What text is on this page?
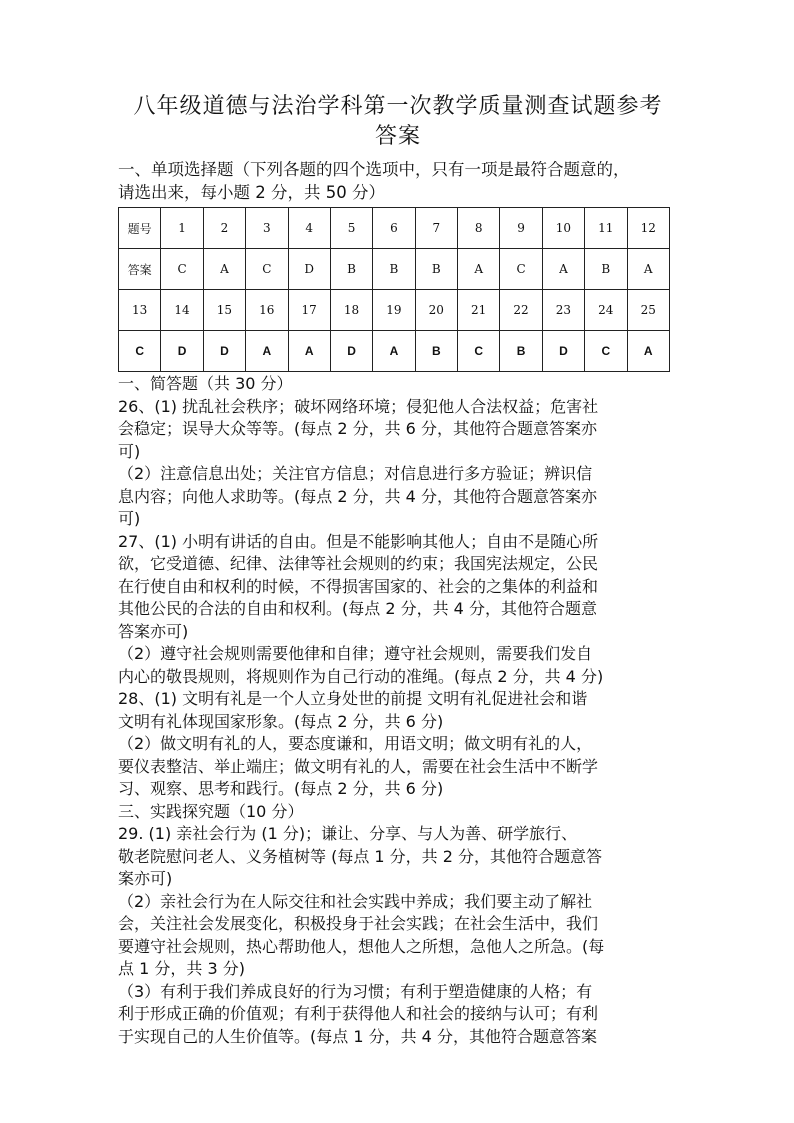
八年级道德与法治学科第一次教学质量测查试题参考

答案

一、单项选择题（下列各题的四个选项中，只有一项是最符合题意的，

请选出来，每小题 2 分，共 50 分）

题号	1	2	3	4	5	6	7	8	9	10	11	12
答案	C	A	C	D	B	B	B	A	C	A	B	A
13	14	15	16	17	18	19	20	21	22	23	24	25
C	D	D	A	A	D	A	B	C	B	D	C	A

一、简答题（共 30 分）

26、(1) 扰乱社会秩序；破坏网络环境；侵犯他人合法权益；危害社

会稳定；误导大众等等。(每点 2 分，共 6 分，其他符合题意答案亦

可)

（2）注意信息出处；关注官方信息；对信息进行多方验证；辨识信

息内容；向他人求助等。(每点 2 分，共 4 分，其他符合题意答案亦

可)

27、(1) 小明有讲话的自由。但是不能影响其他人；自由不是随心所

欲，它受道德、纪律、法律等社会规则的约束；我国宪法规定，公民

在行使自由和权利的时候，不得损害国家的、社会的之集体的利益和

其他公民的合法的自由和权利。(每点 2 分，共 4 分，其他符合题意

答案亦可)

（2）遵守社会规则需要他律和自律；遵守社会规则，需要我们发自

内心的敬畏规则，将规则作为自己行动的准绳。(每点 2 分，共 4 分)

28、(1) 文明有礼是一个人立身处世的前提 文明有礼促进社会和谐

文明有礼体现国家形象。(每点 2 分，共 6 分)

（2）做文明有礼的人，要态度谦和，用语文明；做文明有礼的人，

要仪表整洁、举止端庄；做文明有礼的人，需要在社会生活中不断学

习、观察、思考和践行。(每点 2 分，共 6 分)

三、实践探究题（10 分）

29. (1) 亲社会行为 (1 分)；谦让、分享、与人为善、研学旅行、

敬老院慰问老人、义务植树等 (每点 1 分，共 2 分，其他符合题意答

案亦可)

（2）亲社会行为在人际交往和社会实践中养成；我们要主动了解社

会，关注社会发展变化，积极投身于社会实践；在社会生活中，我们

要遵守社会规则，热心帮助他人，想他人之所想，急他人之所急。(每

点 1 分，共 3 分)

（3）有利于我们养成良好的行为习惯；有利于塑造健康的人格；有

利于形成正确的价值观；有利于获得他人和社会的接纳与认可；有利

于实现自己的人生价值等。(每点 1 分，共 4 分，其他符合题意答案
